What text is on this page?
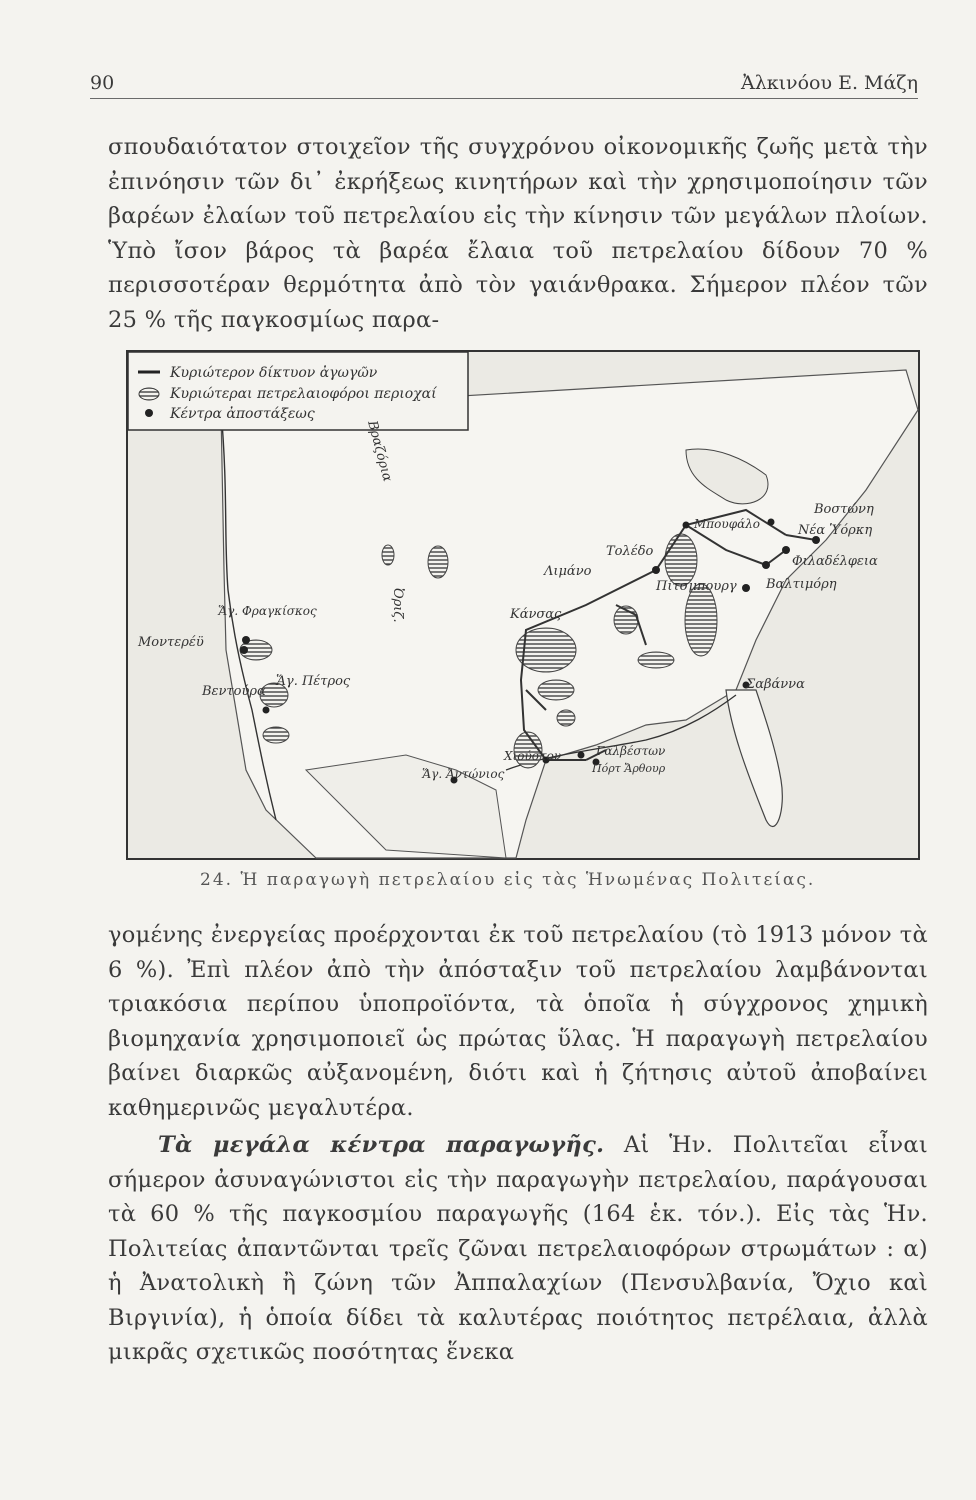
90	Ἀλκινόου Ε. Μάζη

σπουδαιότατον στοιχεῖον τῆς συγχρόνου οἰκονομικῆς ζωῆς μετὰ τὴν ἐπινόησιν τῶν δι᾽ ἐκρήξεως κινητήρων καὶ τὴν χρησιμοποίησιν τῶν βαρέων ἐλαίων τοῦ πετρελαίου εἰς τὴν κίνησιν τῶν μεγάλων πλοίων. Ὑπὸ ἴσον βάρος τὰ βαρέα ἔλαια τοῦ πετρελαίου δίδουν 70 % περισσοτέραν θερμότητα ἀπὸ τὸν γαιάνθρακα. Σήμερον πλέον τῶν 25 % τῆς παγκοσμίως παρα-

Κυριώτερον δίκτυον ἀγωγῶν
Κυριώτεραι πετρελαιοφόροι περιοχαί
Κέντρα ἀποστάξεως
Βραζόρια
Ὀριζ.
Βοστώνη
Νέα Ὑόρκη
Φιλαδέλφεια
Βαλτιμόρη
Μπουφάλο
Τολέδο
Λιμάνο
Πίτσμπουργ
Κάνσας
Ἅγ. Φραγκίσκος
Μοντερέϋ
Βεντούρα
Ἅγ. Πέτρος	Σαβάννα
Χιούστον	Γαλβέστων
Πόρτ Ἄρθουρ
Ἅγ. Ἀντώνιος
24. Ἡ παραγωγὴ πετρελαίου εἰς τὰς Ἡνωμένας Πολιτείας.

γομένης ἐνεργείας προέρχονται ἐκ τοῦ πετρελαίου (τὸ 1913 μόνον τὰ 6 %). Ἐπὶ πλέον ἀπὸ τὴν ἀπόσταξιν τοῦ πετρελαίου λαμβάνονται τριακόσια περίπου ὑποπροϊόντα, τὰ ὁποῖα ἡ σύγχρονος χημικὴ βιομηχανία χρησιμοποιεῖ ὡς πρώτας ὕλας. Ἡ παραγωγὴ πετρελαίου βαίνει διαρκῶς αὐξανομένη, διότι καὶ ἡ ζήτησις αὐτοῦ ἀποβαίνει καθημερινῶς μεγαλυτέρα.

Τὰ μεγάλα κέντρα παραγωγῆς. Αἱ Ἡν. Πολιτεῖαι εἶναι σήμερον ἀσυναγώνιστοι εἰς τὴν παραγωγὴν πετρελαίου, παράγουσαι τὰ 60 % τῆς παγκοσμίου παραγωγῆς (164 ἑκ. τόν.). Εἰς τὰς Ἡν. Πολιτείας ἀπαντῶνται τρεῖς ζῶναι πετρελαιοφόρων στρωμάτων : α) ἡ Ἀνατολικὴ ἢ ζώνη τῶν Ἀππαλαχίων (Πενσυλβανία, Ὄχιο καὶ Βιργινία), ἡ ὁποία δίδει τὰ καλυτέρας ποιότητος πετρέλαια, ἀλλὰ μικρᾶς σχετικῶς ποσότητας ἕνεκα
